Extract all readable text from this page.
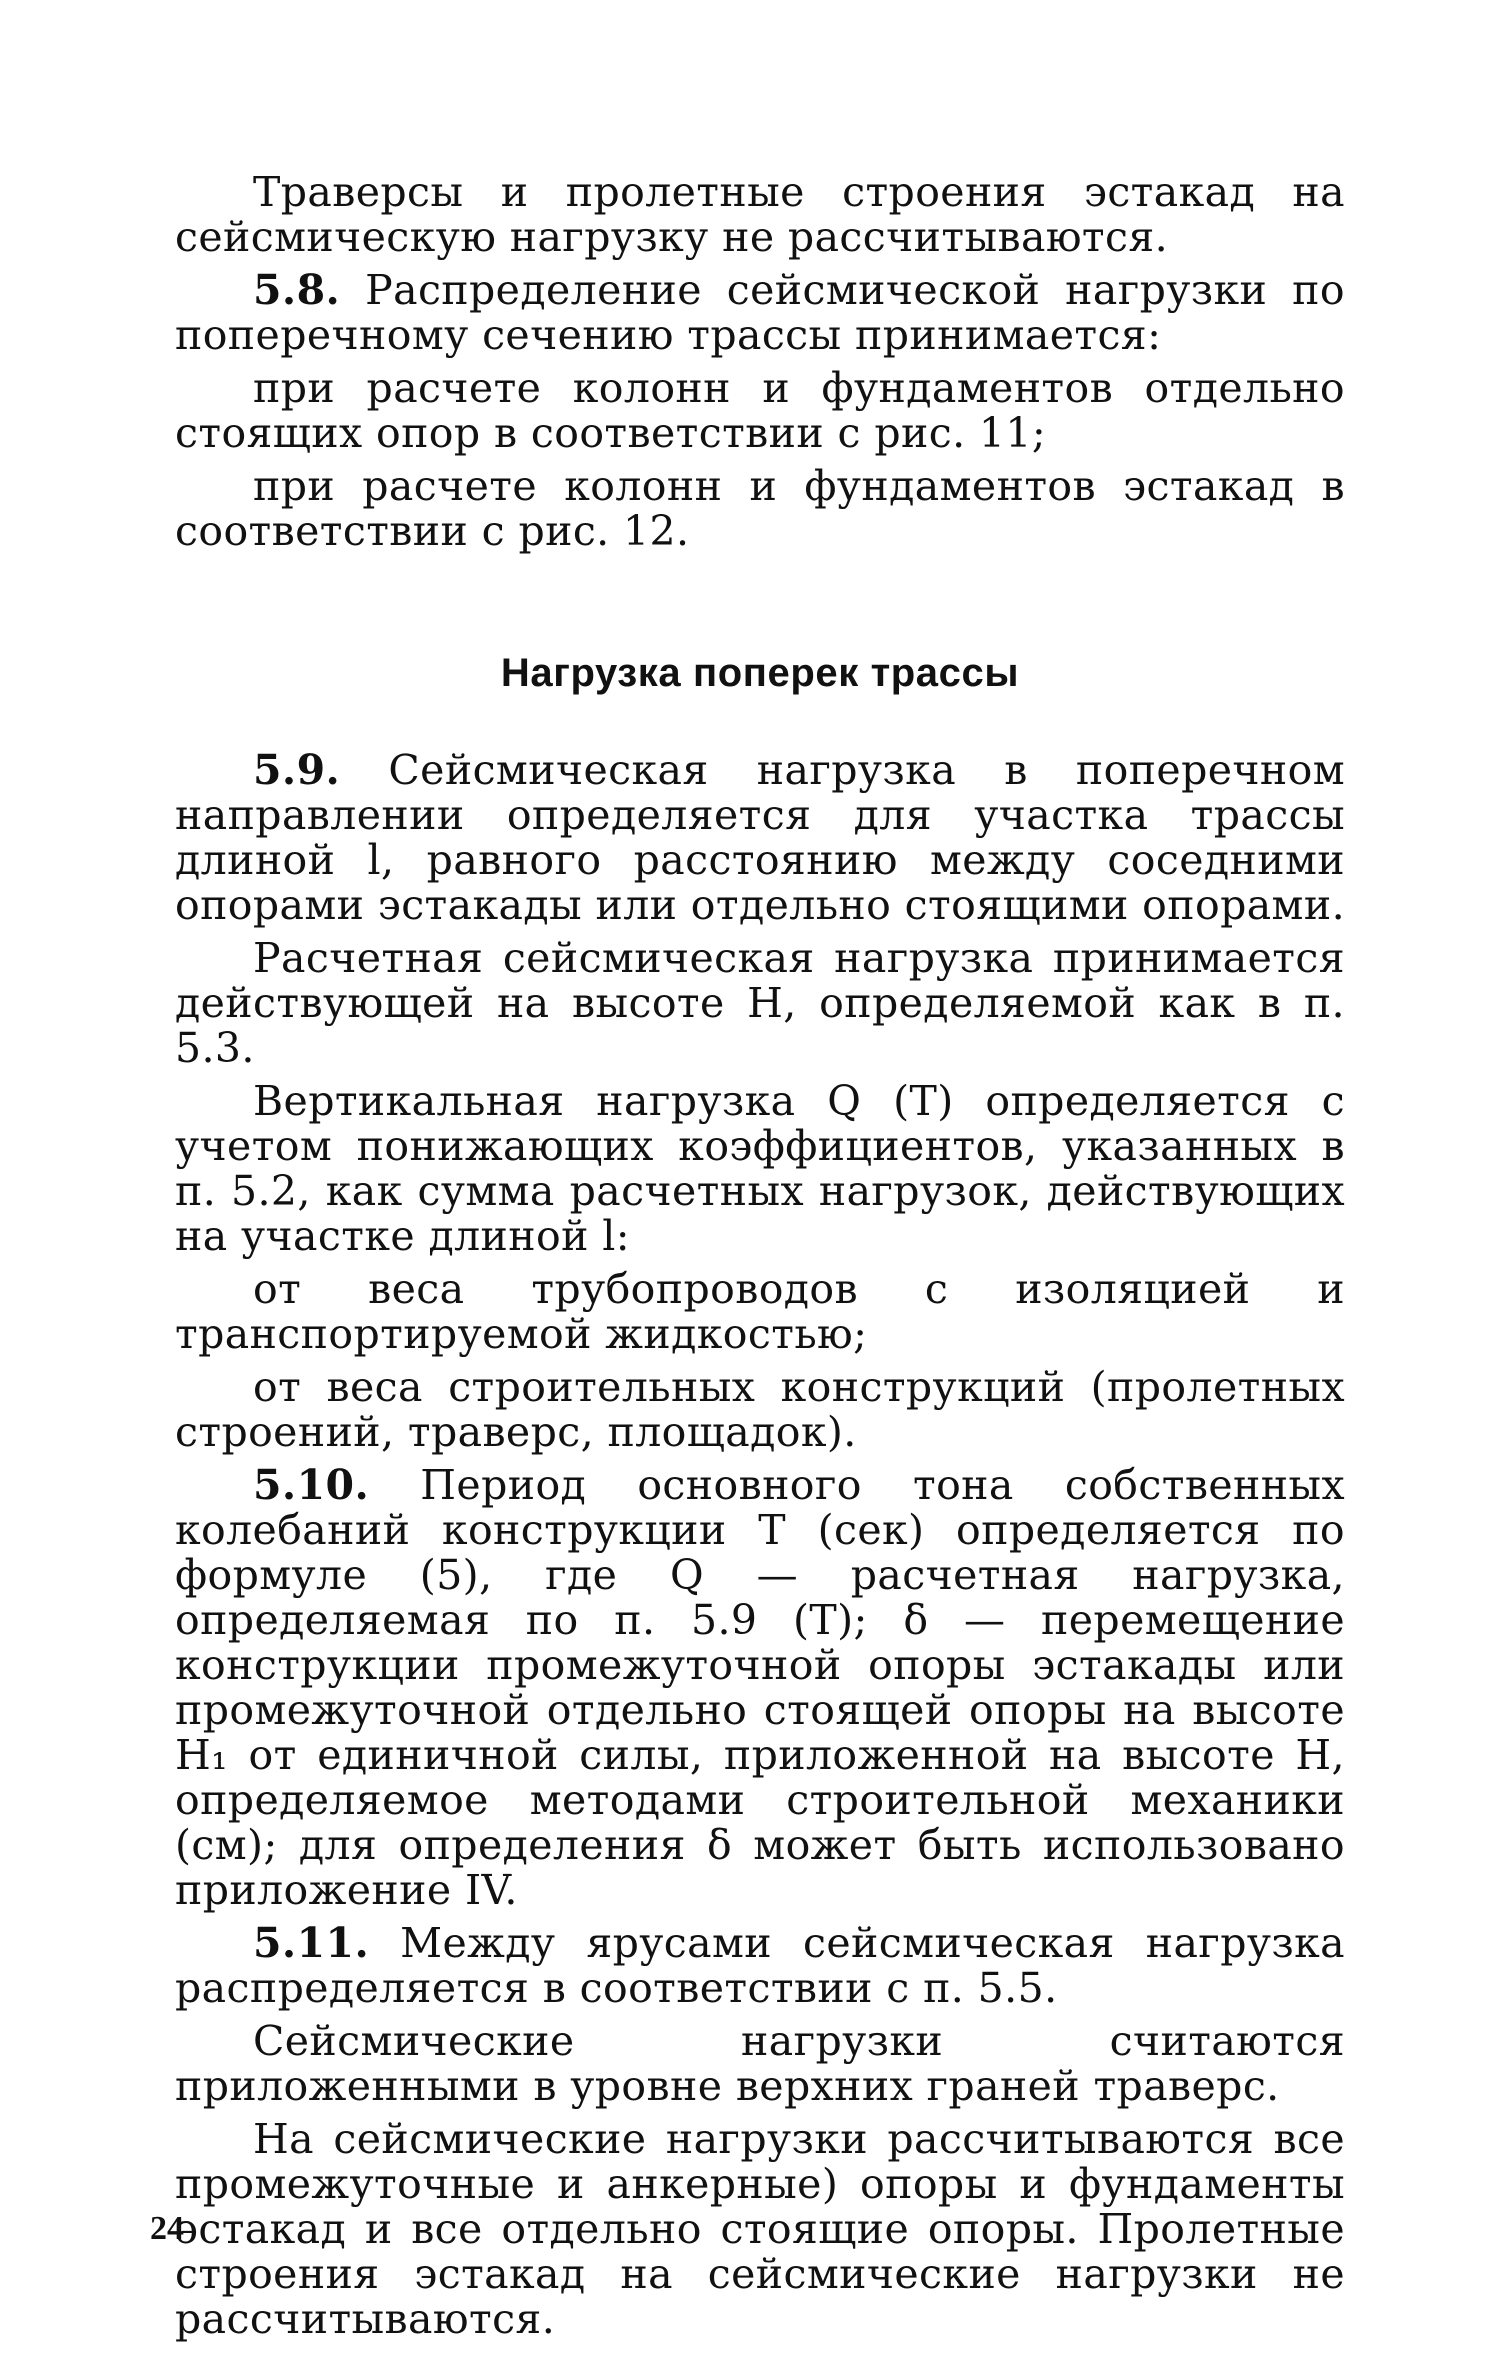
Траверсы и пролетные строения эстакад на сейсмическую нагрузку не рассчитываются.

5.8. Распределение сейсмической нагрузки по поперечному сечению трассы принимается:

при расчете колонн и фундаментов отдельно стоящих опор в соответствии с рис. 11;

при расчете колонн и фундаментов эстакад в соответствии с рис. 12.

Нагрузка поперек трассы

5.9. Сейсмическая нагрузка в поперечном направлении определяется для участка трассы длиной l, равного расстоянию между соседними опорами эстакады или отдельно стоящими опорами.

Расчетная сейсмическая нагрузка принимается действующей на высоте H, определяемой как в п. 5.3.

Вертикальная нагрузка Q (T) определяется с учетом понижающих коэффициентов, указанных в п. 5.2, как сумма расчетных нагрузок, действующих на участке длиной l:

от веса трубопроводов с изоляцией и транспортируемой жидкостью;

от веса строительных конструкций (пролетных строений, траверс, площадок).

5.10. Период основного тона собственных колебаний конструкции T (сек) определяется по формуле (5), где Q — расчетная нагрузка, определяемая по п. 5.9 (T); δ — перемещение конструкции промежуточной опоры эстакады или промежуточной отдельно стоящей опоры на высоте H₁ от единичной силы, приложенной на высоте H, определяемое методами строительной механики (см); для определения δ может быть использовано приложение IV.

5.11. Между ярусами сейсмическая нагрузка распределяется в соответствии с п. 5.5.

Сейсмические нагрузки считаются приложенными в уровне верхних граней траверс.

На сейсмические нагрузки рассчитываются все промежуточные и анкерные) опоры и фундаменты эстакад и все отдельно стоящие опоры. Пролетные строения эстакад на сейсмические нагрузки не рассчитываются.

24
